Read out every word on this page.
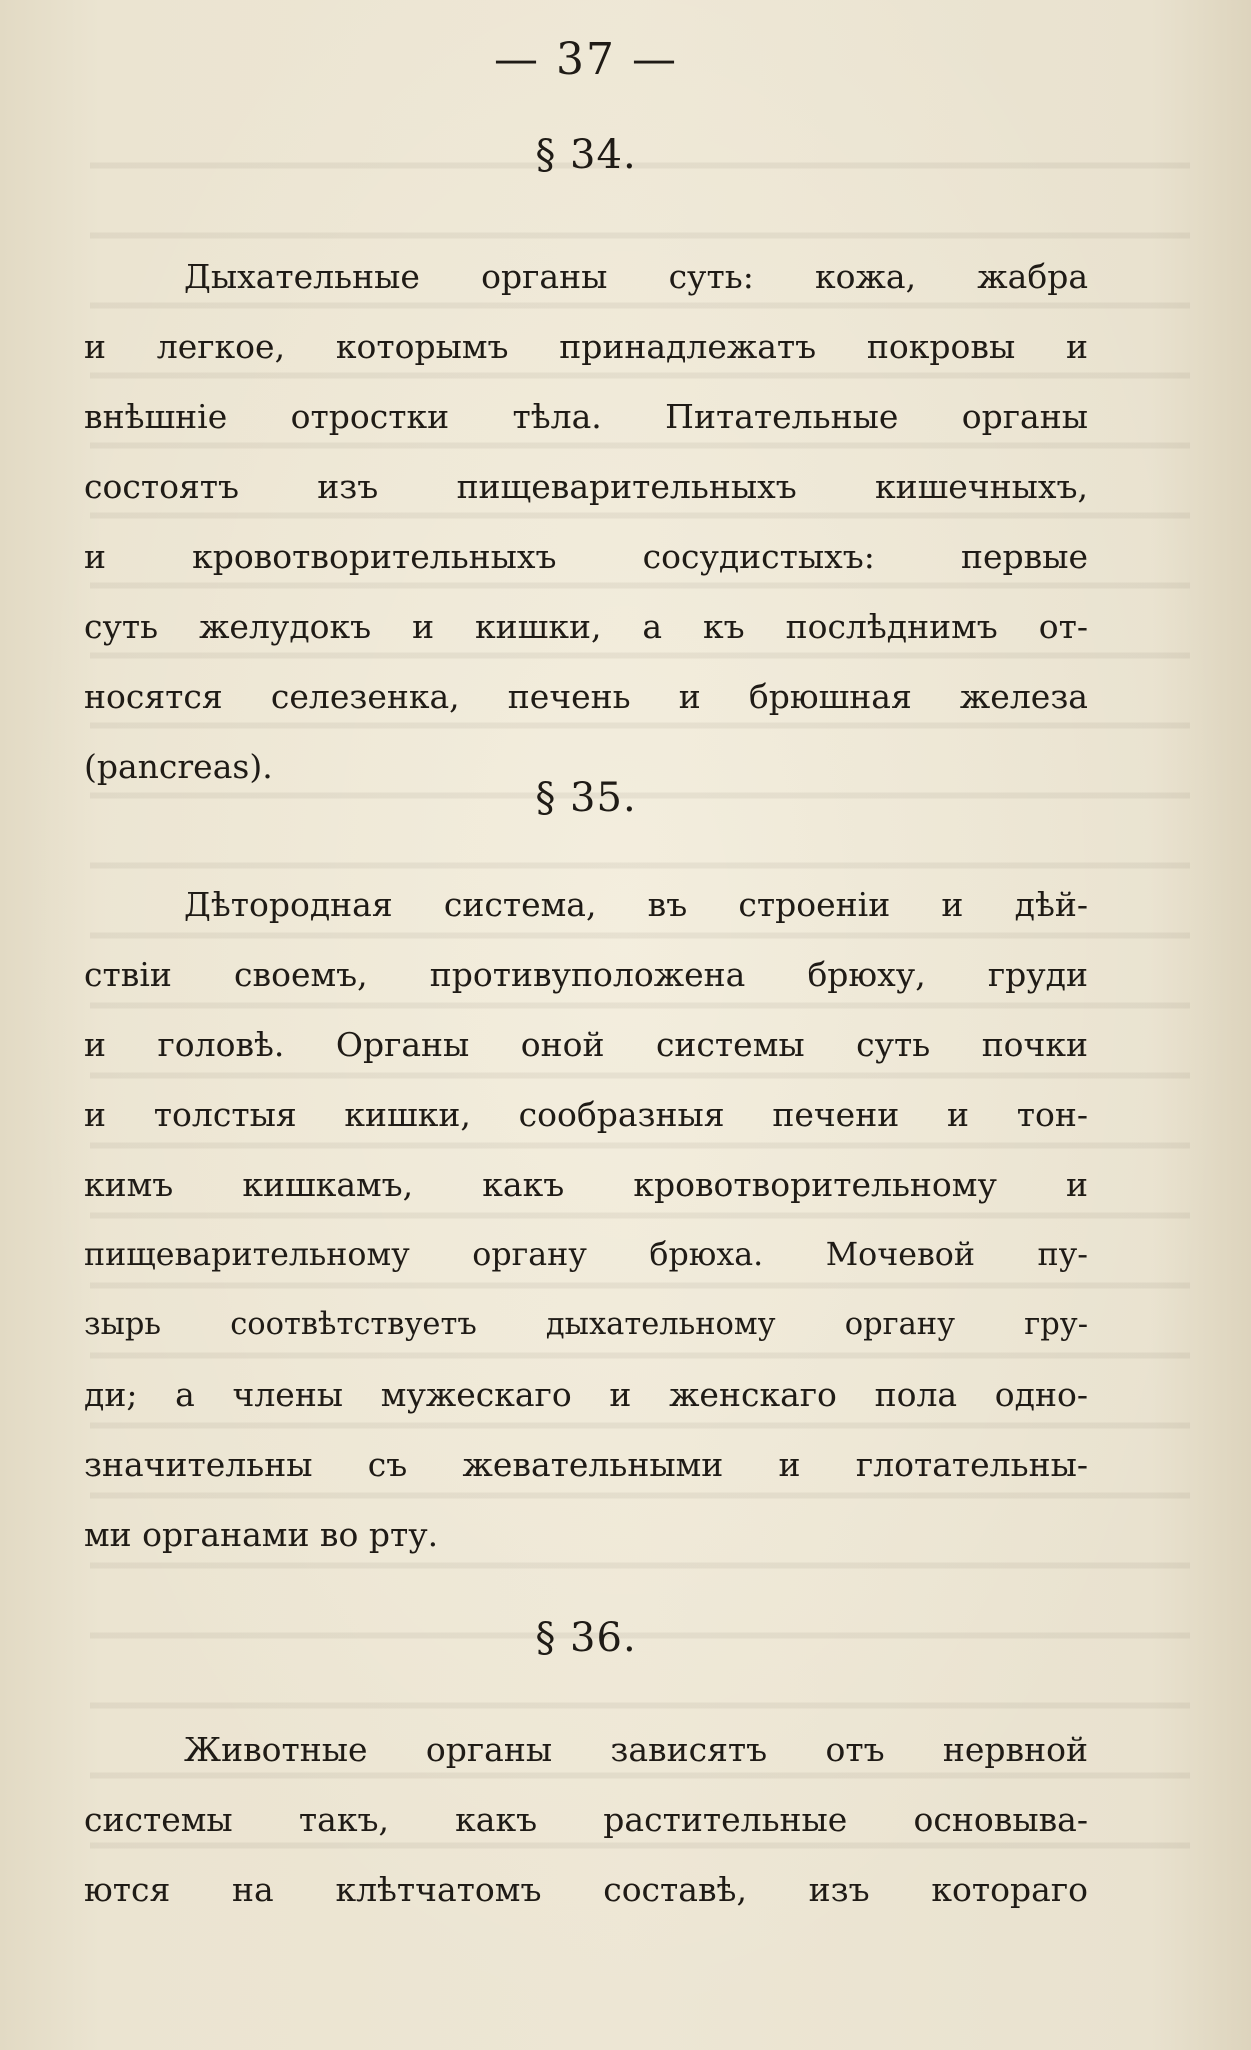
— 37 —
§ 34.
Дыхательные органы суть: кожа, жабра
и легкое, которымъ принадлежатъ покровы и
внѣшніе отростки тѣла. Питательные органы
состоятъ изъ пищеварительныхъ кишечныхъ,
и кровотворительныхъ сосудистыхъ: первые
суть желудокъ и кишки, а къ послѣднимъ от-
носятся селезенка, печень и брюшная железа
(pancreas).
§ 35.
Дѣторoдная система, въ строеніи и дѣй-
ствіи своемъ, противуположена брюху, груди
и головѣ. Органы оной системы суть почки
и толстыя кишки, сообразныя печени и тон-
кимъ кишкамъ, какъ кровотворительному и
пищеварительному органу брюха. Мочевой пу-
зырь соотвѣтствуетъ дыхательному органу гру-
ди; а члены мужескаго и женскаго пола одно-
значительны съ жевательными и глотательны-
ми органами во рту.
§ 36.
Животные органы зависятъ отъ нервной
системы такъ, какъ растительные основыва-
ются на клѣтчатомъ составѣ, изъ котораго
